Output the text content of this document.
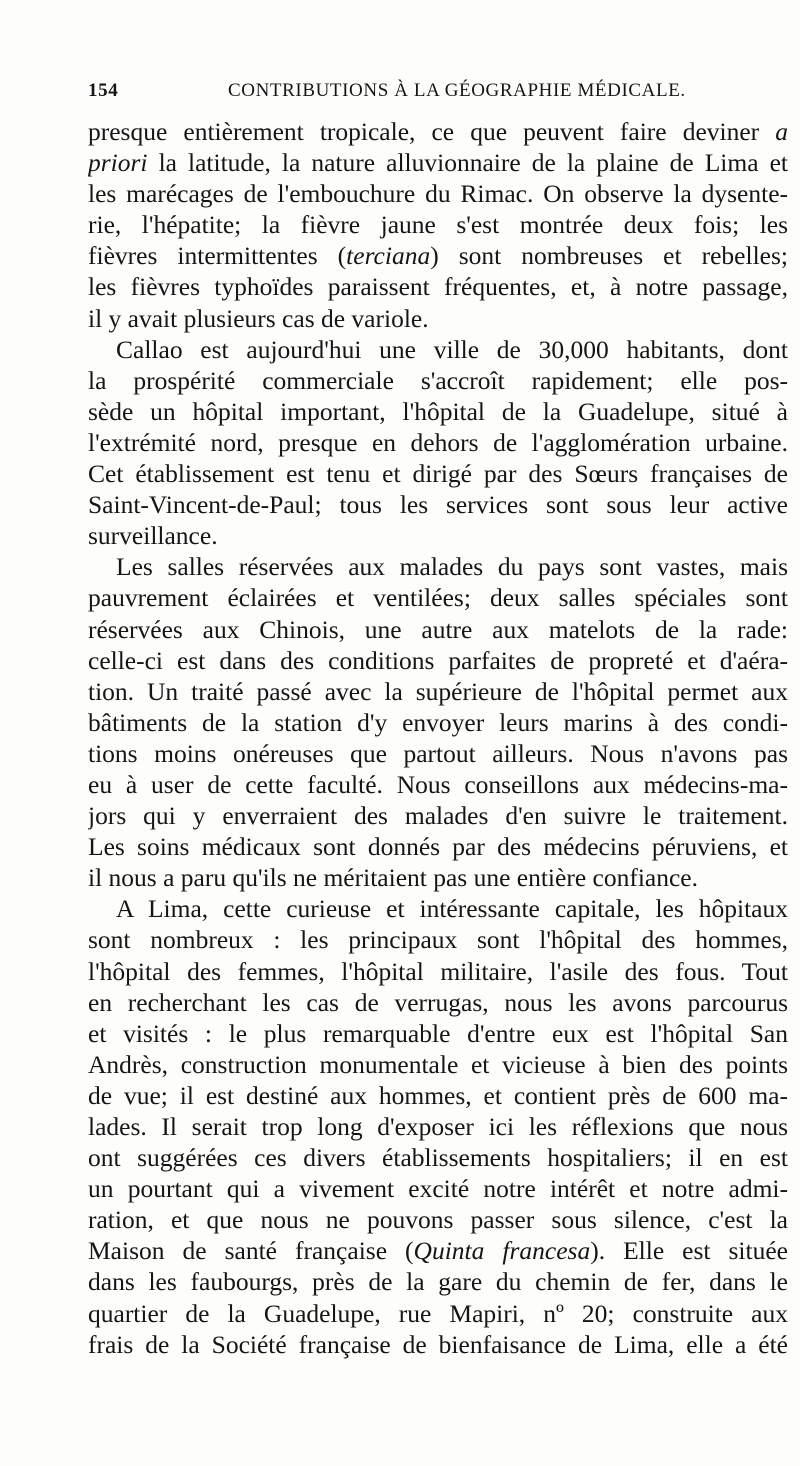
154	CONTRIBUTIONS À LA GÉOGRAPHIE MÉDICALE.
presque entièrement tropicale, ce que peuvent faire deviner a
priori la latitude, la nature alluvionnaire de la plaine de Lima et
les marécages de l'embouchure du Rimac. On observe la dysente-
rie, l'hépatite; la fièvre jaune s'est montrée deux fois; les
fièvres intermittentes (terciana) sont nombreuses et rebelles;
les fièvres typhoïdes paraissent fréquentes, et, à notre passage,
il y avait plusieurs cas de variole.
Callao est aujourd'hui une ville de 30,000 habitants, dont
la prospérité commerciale s'accroît rapidement; elle pos-
sède un hôpital important, l'hôpital de la Guadelupe, situé à
l'extrémité nord, presque en dehors de l'agglomération urbaine.
Cet établissement est tenu et dirigé par des Sœurs françaises de
Saint-Vincent-de-Paul; tous les services sont sous leur active
surveillance.
Les salles réservées aux malades du pays sont vastes, mais
pauvrement éclairées et ventilées; deux salles spéciales sont
réservées aux Chinois, une autre aux matelots de la rade:
celle-ci est dans des conditions parfaites de propreté et d'aéra-
tion. Un traité passé avec la supérieure de l'hôpital permet aux
bâtiments de la station d'y envoyer leurs marins à des condi-
tions moins onéreuses que partout ailleurs. Nous n'avons pas
eu à user de cette faculté. Nous conseillons aux médecins-ma-
jors qui y enverraient des malades d'en suivre le traitement.
Les soins médicaux sont donnés par des médecins péruviens, et
il nous a paru qu'ils ne méritaient pas une entière confiance.
A Lima, cette curieuse et intéressante capitale, les hôpitaux
sont nombreux : les principaux sont l'hôpital des hommes,
l'hôpital des femmes, l'hôpital militaire, l'asile des fous. Tout
en recherchant les cas de verrugas, nous les avons parcourus
et visités : le plus remarquable d'entre eux est l'hôpital San
Andrès, construction monumentale et vicieuse à bien des points
de vue; il est destiné aux hommes, et contient près de 600 ma-
lades. Il serait trop long d'exposer ici les réflexions que nous
ont suggérées ces divers établissements hospitaliers; il en est
un pourtant qui a vivement excité notre intérêt et notre admi-
ration, et que nous ne pouvons passer sous silence, c'est la
Maison de santé française (Quinta francesa). Elle est située
dans les faubourgs, près de la gare du chemin de fer, dans le
quartier de la Guadelupe, rue Mapiri, nº 20; construite aux
frais de la Société française de bienfaisance de Lima, elle a été
